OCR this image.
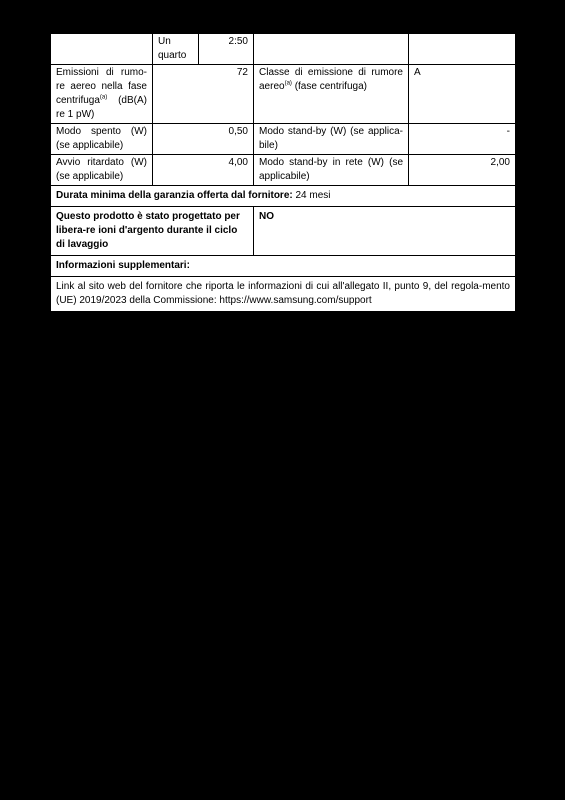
	Un quarto	2:50		
Emissioni di rumo-re aereo nella fase centrifuga$^{(a)}$ (dB(A) re 1 pW)	72		Classe di emissione di rumore aereo$^{(a)}$ (fase centrifuga)	A
Modo spento (W) (se applicabile)	0,50		Modo stand-by (W) (se applica-bile)	-
Avvio ritardato (W) (se applicabile)	4,00		Modo stand-by in rete (W) (se applicabile)	2,00
Durata minima della garanzia offerta dal fornitore: 24 mesi				
Questo prodotto è stato progettato per libera-re ioni d'argento durante il ciclo di lavaggio			NO	
Informazioni supplementari:				
Link al sito web del fornitore che riporta le informazioni di cui all'allegato II, punto 9, del regola-mento (UE) 2019/2023 della Commissione: https://www.samsung.com/support				
